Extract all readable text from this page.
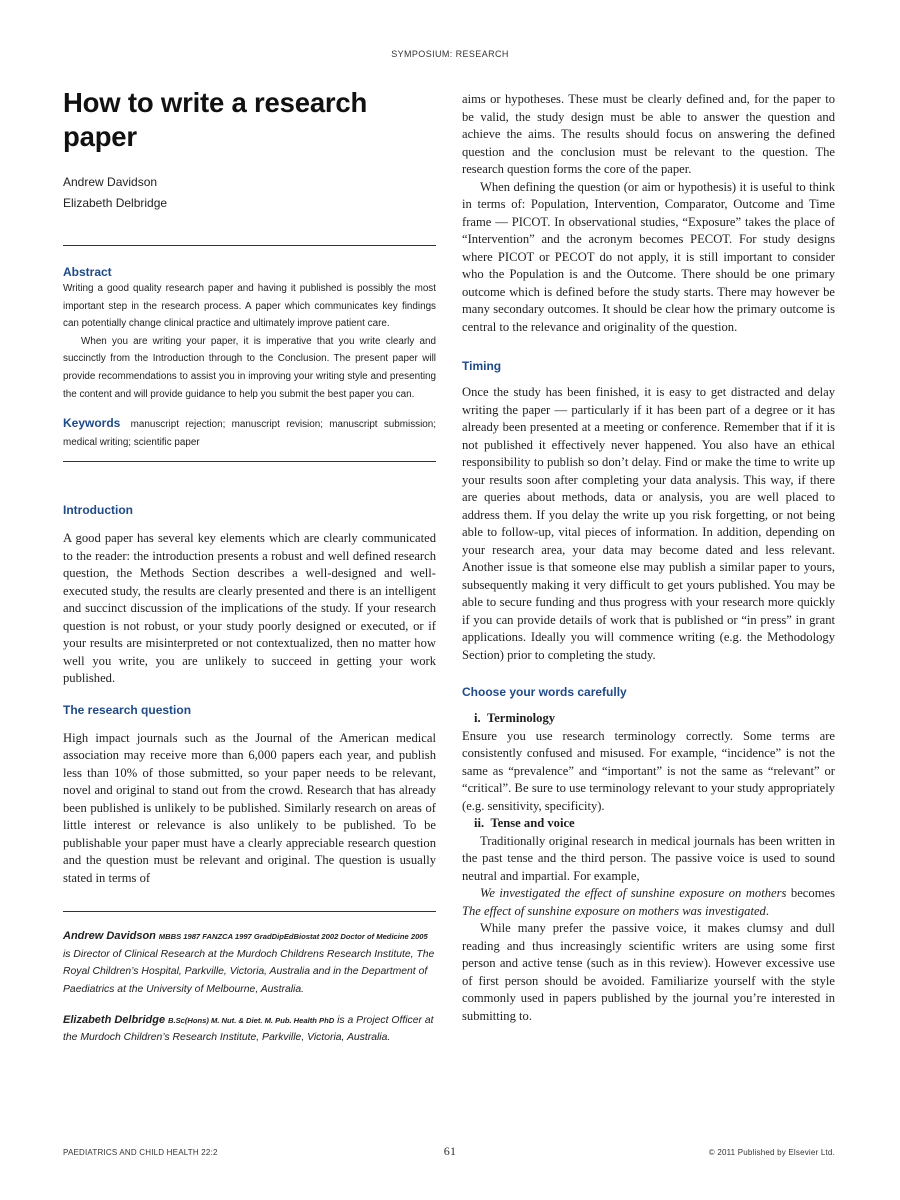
SYMPOSIUM: RESEARCH
How to write a research paper
Andrew Davidson
Elizabeth Delbridge
Abstract

Writing a good quality research paper and having it published is possibly the most important step in the research process. A paper which communicates key findings can potentially change clinical practice and ultimately improve patient care.

When you are writing your paper, it is imperative that you write clearly and succinctly from the Introduction through to the Conclusion. The present paper will provide recommendations to assist you in improving your writing style and presenting the content and will provide guidance to help you submit the best paper you can.

Keywords manuscript rejection; manuscript revision; manuscript submission; medical writing; scientific paper

Introduction

A good paper has several key elements which are clearly communicated to the reader: the introduction presents a robust and well defined research question, the Methods Section describes a well-designed and well-executed study, the results are clearly presented and there is an intelligent and succinct discussion of the implications of the study. If your research question is not robust, or your study poorly designed or executed, or if your results are misinterpreted or not contextualized, then no matter how well you write, you are unlikely to succeed in getting your work published.

The research question

High impact journals such as the Journal of the American medical association may receive more than 6,000 papers each year, and publish less than 10% of those submitted, so your paper needs to be relevant, novel and original to stand out from the crowd. Research that has already been published is unlikely to be published. Similarly research on areas of little interest or relevance is also unlikely to be published. To be publishable your paper must have a clearly appreciable research question and the question must be relevant and original. The question is usually stated in terms of

Andrew Davidson MBBS 1987 FANZCA 1997 GradDipEdBiostat 2002 Doctor of Medicine 2005 is Director of Clinical Research at the Murdoch Childrens Research Institute, The Royal Children’s Hospital, Parkville, Victoria, Australia and in the Department of Paediatrics at the University of Melbourne, Australia.

Elizabeth Delbridge B.Sc(Hons) M. Nut. & Diet. M. Pub. Health PhD is a Project Officer at the Murdoch Children’s Research Institute, Parkville, Victoria, Australia.

aims or hypotheses. These must be clearly defined and, for the paper to be valid, the study design must be able to answer the question and achieve the aims. The results should focus on answering the defined question and the conclusion must be relevant to the question. The research question forms the core of the paper.

When defining the question (or aim or hypothesis) it is useful to think in terms of: Population, Intervention, Comparator, Outcome and Time frame — PICOT. In observational studies, “Exposure” takes the place of “Intervention” and the acronym becomes PECOT. For study designs where PICOT or PECOT do not apply, it is still important to consider who the Population is and the Outcome. There should be one primary outcome which is defined before the study starts. There may however be many secondary outcomes. It should be clear how the primary outcome is central to the relevance and originality of the question.

Timing

Once the study has been finished, it is easy to get distracted and delay writing the paper — particularly if it has been part of a degree or it has already been presented at a meeting or conference. Remember that if it is not published it effectively never happened. You also have an ethical responsibility to publish so don’t delay. Find or make the time to write up your results soon after completing your data analysis. This way, if there are queries about methods, data or analysis, you are well placed to address them. If you delay the write up you risk forgetting, or not being able to follow-up, vital pieces of information. In addition, depending on your research area, your data may become dated and less relevant. Another issue is that someone else may publish a similar paper to yours, subsequently making it very difficult to get yours published. You may be able to secure funding and thus progress with your research more quickly if you can provide details of work that is published or “in press” in grant applications. Ideally you will commence writing (e.g. the Methodology Section) prior to completing the study.

Choose your words carefully
i.  Terminology

Ensure you use research terminology correctly. Some terms are consistently confused and misused. For example, “incidence” is not the same as “prevalence” and “important” is not the same as “relevant” or “critical”. Be sure to use terminology relevant to your study appropriately (e.g. sensitivity, specificity).

ii.  Tense and voice

Traditionally original research in medical journals has been written in the past tense and the third person. The passive voice is used to sound neutral and impartial. For example,

We investigated the effect of sunshine exposure on mothers becomes The effect of sunshine exposure on mothers was investigated.

While many prefer the passive voice, it makes clumsy and dull reading and thus increasingly scientific writers are using some first person and active tense (such as in this review). However excessive use of first person should be avoided. Familiarize yourself with the style commonly used in papers published by the journal you’re interested in submitting to.

PAEDIATRICS AND CHILD HEALTH 22:2	61	© 2011 Published by Elsevier Ltd.
